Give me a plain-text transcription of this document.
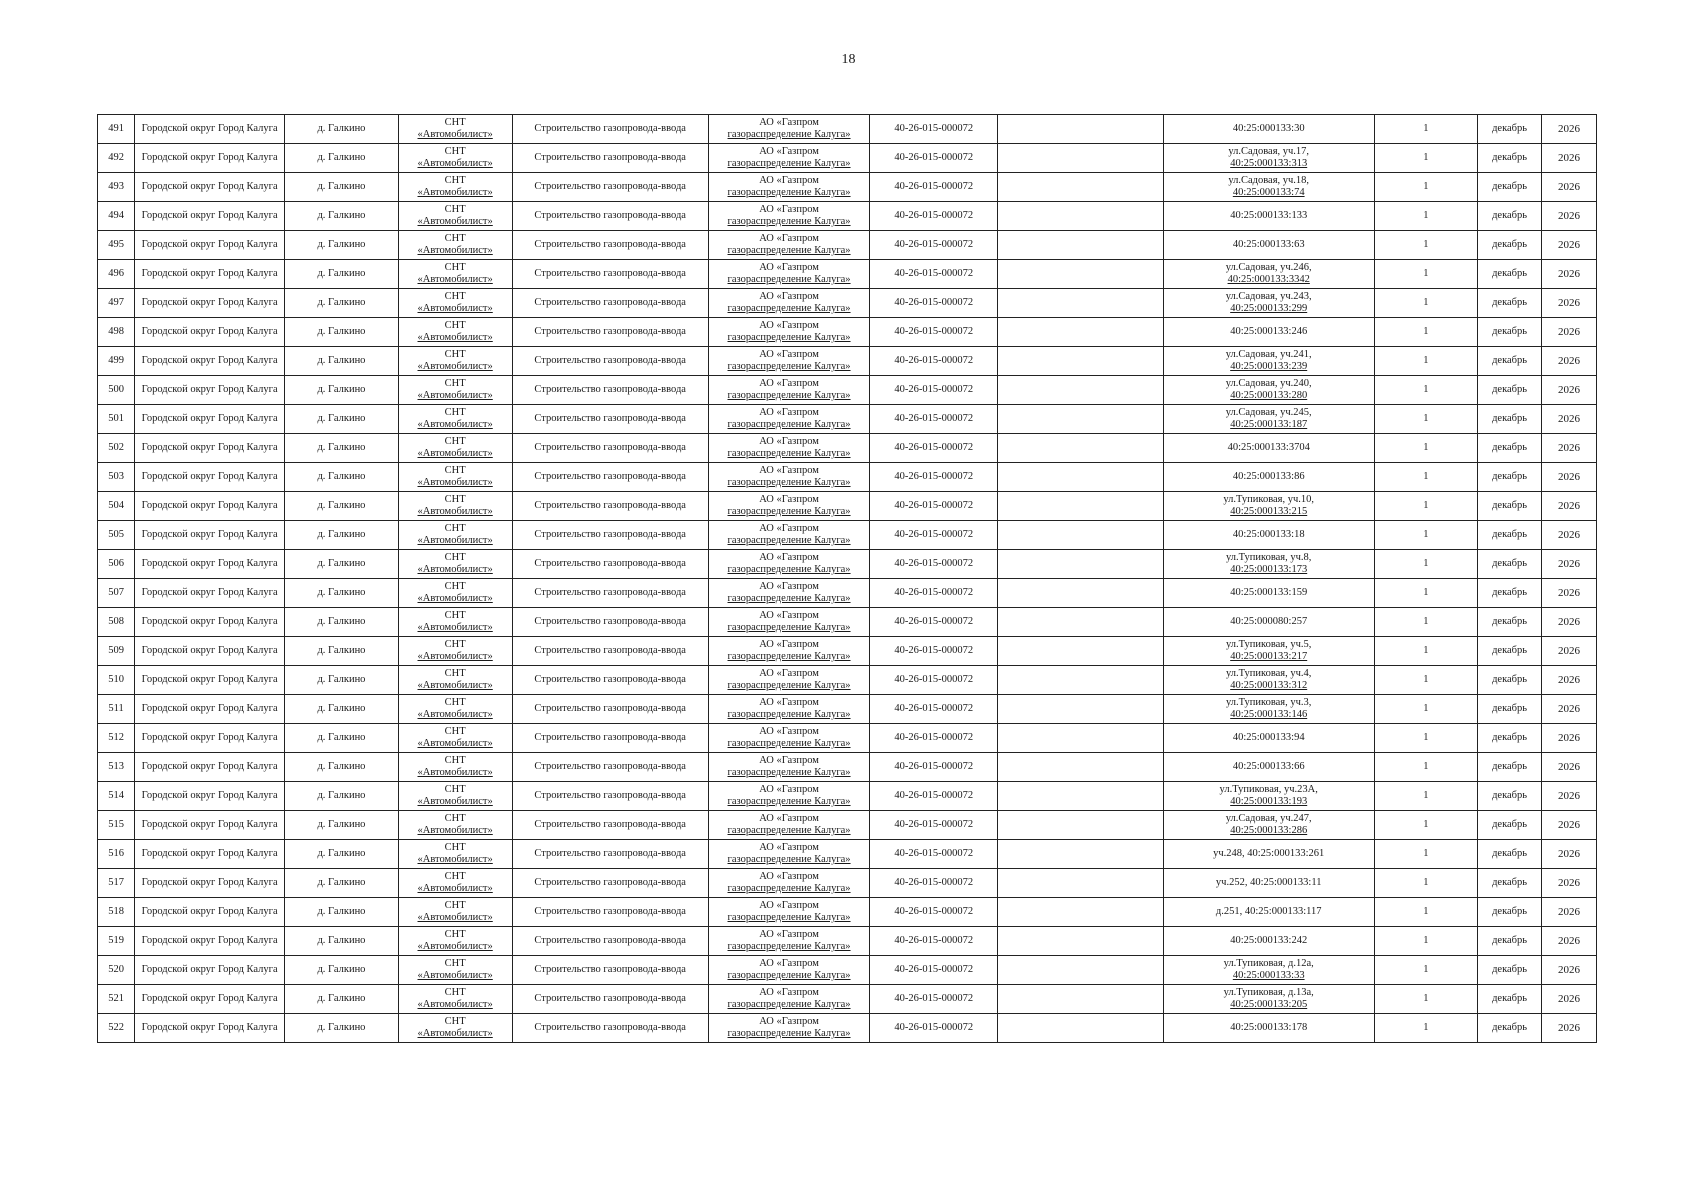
18
491	Городской округ Город Калуга	д. Галкино	СНТ
«Автомобилист»	Строительство газопровода-ввода	АО «Газпром
газораспределение Калуга»	40-26-015-000072		40:25:000133:30	1	декабрь	2026
492	Городской округ Город Калуга	д. Галкино	СНТ
«Автомобилист»	Строительство газопровода-ввода	АО «Газпром
газораспределение Калуга»	40-26-015-000072		ул.Садовая, уч.17,
40:25:000133:313	1	декабрь	2026
493	Городской округ Город Калуга	д. Галкино	СНТ
«Автомобилист»	Строительство газопровода-ввода	АО «Газпром
газораспределение Калуга»	40-26-015-000072		ул.Садовая, уч.18,
40:25:000133:74	1	декабрь	2026
494	Городской округ Город Калуга	д. Галкино	СНТ
«Автомобилист»	Строительство газопровода-ввода	АО «Газпром
газораспределение Калуга»	40-26-015-000072		40:25:000133:133	1	декабрь	2026
495	Городской округ Город Калуга	д. Галкино	СНТ
«Автомобилист»	Строительство газопровода-ввода	АО «Газпром
газораспределение Калуга»	40-26-015-000072		40:25:000133:63	1	декабрь	2026
496	Городской округ Город Калуга	д. Галкино	СНТ
«Автомобилист»	Строительство газопровода-ввода	АО «Газпром
газораспределение Калуга»	40-26-015-000072		ул.Садовая, уч.246,
40:25:000133:3342	1	декабрь	2026
497	Городской округ Город Калуга	д. Галкино	СНТ
«Автомобилист»	Строительство газопровода-ввода	АО «Газпром
газораспределение Калуга»	40-26-015-000072		ул.Садовая, уч.243,
40:25:000133:299	1	декабрь	2026
498	Городской округ Город Калуга	д. Галкино	СНТ
«Автомобилист»	Строительство газопровода-ввода	АО «Газпром
газораспределение Калуга»	40-26-015-000072		40:25:000133:246	1	декабрь	2026
499	Городской округ Город Калуга	д. Галкино	СНТ
«Автомобилист»	Строительство газопровода-ввода	АО «Газпром
газораспределение Калуга»	40-26-015-000072		ул.Садовая, уч.241,
40:25:000133:239	1	декабрь	2026
500	Городской округ Город Калуга	д. Галкино	СНТ
«Автомобилист»	Строительство газопровода-ввода	АО «Газпром
газораспределение Калуга»	40-26-015-000072		ул.Садовая, уч.240,
40:25:000133:280	1	декабрь	2026
501	Городской округ Город Калуга	д. Галкино	СНТ
«Автомобилист»	Строительство газопровода-ввода	АО «Газпром
газораспределение Калуга»	40-26-015-000072		ул.Садовая, уч.245,
40:25:000133:187	1	декабрь	2026
502	Городской округ Город Калуга	д. Галкино	СНТ
«Автомобилист»	Строительство газопровода-ввода	АО «Газпром
газораспределение Калуга»	40-26-015-000072		40:25:000133:3704	1	декабрь	2026
503	Городской округ Город Калуга	д. Галкино	СНТ
«Автомобилист»	Строительство газопровода-ввода	АО «Газпром
газораспределение Калуга»	40-26-015-000072		40:25:000133:86	1	декабрь	2026
504	Городской округ Город Калуга	д. Галкино	СНТ
«Автомобилист»	Строительство газопровода-ввода	АО «Газпром
газораспределение Калуга»	40-26-015-000072		ул.Тупиковая, уч.10,
40:25:000133:215	1	декабрь	2026
505	Городской округ Город Калуга	д. Галкино	СНТ
«Автомобилист»	Строительство газопровода-ввода	АО «Газпром
газораспределение Калуга»	40-26-015-000072		40:25:000133:18	1	декабрь	2026
506	Городской округ Город Калуга	д. Галкино	СНТ
«Автомобилист»	Строительство газопровода-ввода	АО «Газпром
газораспределение Калуга»	40-26-015-000072		ул.Тупиковая, уч.8,
40:25:000133:173	1	декабрь	2026
507	Городской округ Город Калуга	д. Галкино	СНТ
«Автомобилист»	Строительство газопровода-ввода	АО «Газпром
газораспределение Калуга»	40-26-015-000072		40:25:000133:159	1	декабрь	2026
508	Городской округ Город Калуга	д. Галкино	СНТ
«Автомобилист»	Строительство газопровода-ввода	АО «Газпром
газораспределение Калуга»	40-26-015-000072		40:25:000080:257	1	декабрь	2026
509	Городской округ Город Калуга	д. Галкино	СНТ
«Автомобилист»	Строительство газопровода-ввода	АО «Газпром
газораспределение Калуга»	40-26-015-000072		ул.Тупиковая, уч.5,
40:25:000133:217	1	декабрь	2026
510	Городской округ Город Калуга	д. Галкино	СНТ
«Автомобилист»	Строительство газопровода-ввода	АО «Газпром
газораспределение Калуга»	40-26-015-000072		ул.Тупиковая, уч.4,
40:25:000133:312	1	декабрь	2026
511	Городской округ Город Калуга	д. Галкино	СНТ
«Автомобилист»	Строительство газопровода-ввода	АО «Газпром
газораспределение Калуга»	40-26-015-000072		ул.Тупиковая, уч.3,
40:25:000133:146	1	декабрь	2026
512	Городской округ Город Калуга	д. Галкино	СНТ
«Автомобилист»	Строительство газопровода-ввода	АО «Газпром
газораспределение Калуга»	40-26-015-000072		40:25:000133:94	1	декабрь	2026
513	Городской округ Город Калуга	д. Галкино	СНТ
«Автомобилист»	Строительство газопровода-ввода	АО «Газпром
газораспределение Калуга»	40-26-015-000072		40:25:000133:66	1	декабрь	2026
514	Городской округ Город Калуга	д. Галкино	СНТ
«Автомобилист»	Строительство газопровода-ввода	АО «Газпром
газораспределение Калуга»	40-26-015-000072		ул.Тупиковая, уч.23А,
40:25:000133:193	1	декабрь	2026
515	Городской округ Город Калуга	д. Галкино	СНТ
«Автомобилист»	Строительство газопровода-ввода	АО «Газпром
газораспределение Калуга»	40-26-015-000072		ул.Садовая, уч.247,
40:25:000133:286	1	декабрь	2026
516	Городской округ Город Калуга	д. Галкино	СНТ
«Автомобилист»	Строительство газопровода-ввода	АО «Газпром
газораспределение Калуга»	40-26-015-000072		уч.248, 40:25:000133:261	1	декабрь	2026
517	Городской округ Город Калуга	д. Галкино	СНТ
«Автомобилист»	Строительство газопровода-ввода	АО «Газпром
газораспределение Калуга»	40-26-015-000072		уч.252, 40:25:000133:11	1	декабрь	2026
518	Городской округ Город Калуга	д. Галкино	СНТ
«Автомобилист»	Строительство газопровода-ввода	АО «Газпром
газораспределение Калуга»	40-26-015-000072		д.251, 40:25:000133:117	1	декабрь	2026
519	Городской округ Город Калуга	д. Галкино	СНТ
«Автомобилист»	Строительство газопровода-ввода	АО «Газпром
газораспределение Калуга»	40-26-015-000072		40:25:000133:242	1	декабрь	2026
520	Городской округ Город Калуга	д. Галкино	СНТ
«Автомобилист»	Строительство газопровода-ввода	АО «Газпром
газораспределение Калуга»	40-26-015-000072		ул.Тупиковая, д.12а,
40:25:000133:33	1	декабрь	2026
521	Городской округ Город Калуга	д. Галкино	СНТ
«Автомобилист»	Строительство газопровода-ввода	АО «Газпром
газораспределение Калуга»	40-26-015-000072		ул.Тупиковая, д.13а,
40:25:000133:205	1	декабрь	2026
522	Городской округ Город Калуга	д. Галкино	СНТ
«Автомобилист»	Строительство газопровода-ввода	АО «Газпром
газораспределение Калуга»	40-26-015-000072		40:25:000133:178	1	декабрь	2026
